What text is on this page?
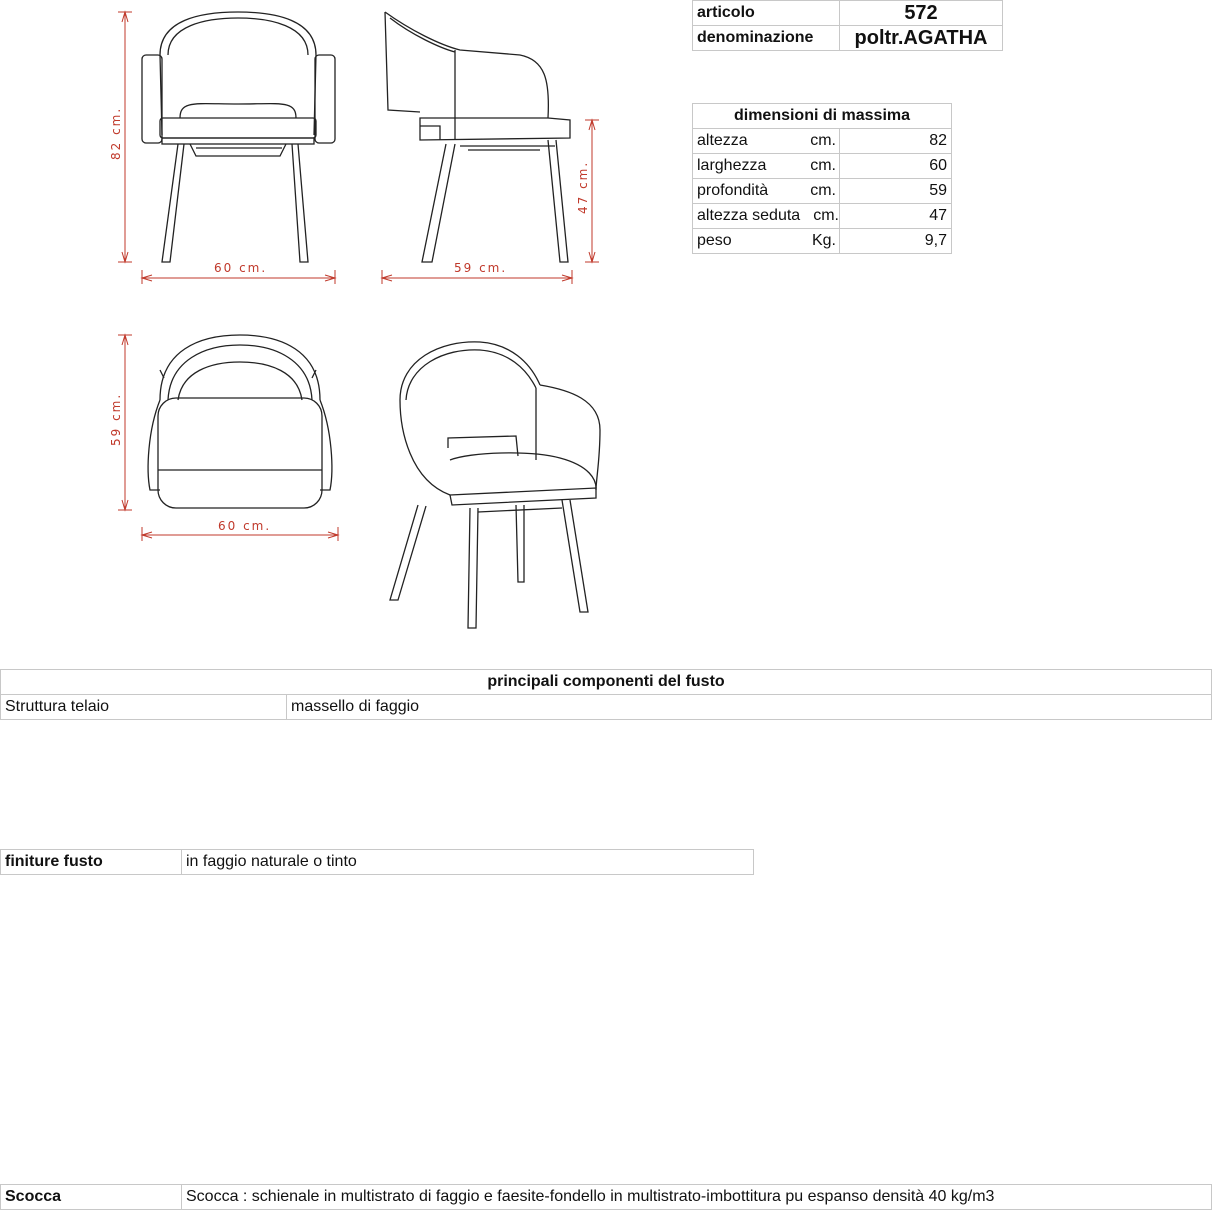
82 cm.
60 cm.
47 cm.
59 cm.
59 cm.
60 cm.
articolo	572
denominazione	poltr.AGATHA
dimensioni di massima	
altezza cm.	82
larghezza cm.	60
profondità cm.	59
altezza seduta cm.	47
peso Kg.	9,7
principali componenti del fusto
Struttura telaio	massello di faggio
finiture fusto	in faggio naturale o tinto
Scocca	Scocca : schienale in multistrato di faggio e faesite-fondello in multistrato-imbottitura pu espanso densità 40 kg/m3
